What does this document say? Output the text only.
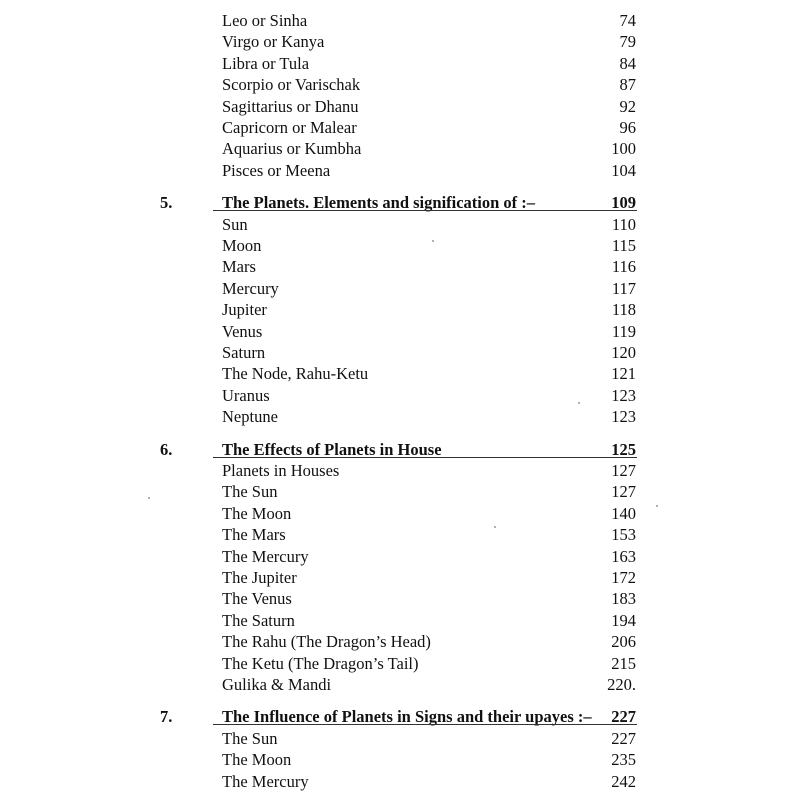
Leo or Sinha	74
Virgo or Kanya	79
Libra or Tula	84
Scorpio or Varischak	87
Sagittarius or Dhanu	92
Capricorn or Malear	96
Aquarius or Kumbha	100
Pisces or Meena	104
5.	The Planets. Elements and signification of :–	109
Sun	110
Moon	115
Mars	116
Mercury	117
Jupiter	118
Venus	119
Saturn	120
The Node, Rahu-Ketu	121
Uranus	123
Neptune	123
6.	The Effects of Planets in House	125
Planets in Houses	127
The Sun	127
The Moon	140
The Mars	153
The Mercury	163
The Jupiter	172
The Venus	183
The Saturn	194
The Rahu (The Dragon’s Head)	206
The Ketu (The Dragon’s Tail)	215
Gulika & Mandi	220.
7.	The Influence of Planets in Signs and their upayes :– 227
The Sun	227
The Moon	235
The Mercury	242
